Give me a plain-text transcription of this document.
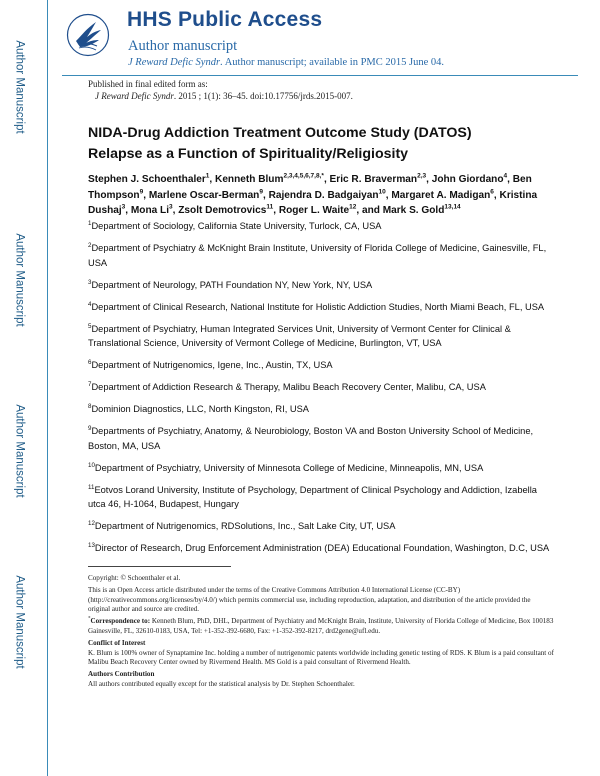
Author Manuscript
Author Manuscript
Author Manuscript
Author Manuscript
HHS Public Access
Author manuscript
J Reward Defic Syndr. Author manuscript; available in PMC 2015 June 04.
Published in final edited form as:
J Reward Defic Syndr. 2015 ; 1(1): 36–45. doi:10.17756/jrds.2015-007.
NIDA-Drug Addiction Treatment Outcome Study (DATOS)
Relapse as a Function of Spirituality/Religiosity
Stephen J. Schoenthaler$^1$, Kenneth Blum$^{2,3,4,5,6,7,8,*}$, Eric R. Braverman$^{2,3}$, John Giordano$^4$, Ben Thompson$^9$, Marlene Oscar-Berman$^9$, Rajendra D. Badgaiyan$^{10}$, Margaret A. Madigan$^6$, Kristina Dushaj$^3$, Mona Li$^3$, Zsolt Demotrovics$^{11}$, Roger L. Waite$^{12}$, and Mark S. Gold$^{13,14}$
$^1$Department of Sociology, California State University, Turlock, CA, USA
$^2$Department of Psychiatry & McKnight Brain Institute, University of Florida College of Medicine, Gainesville, FL, USA
$^3$Department of Neurology, PATH Foundation NY, New York, NY, USA
$^4$Department of Clinical Research, National Institute for Holistic Addiction Studies, North Miami Beach, FL, USA
$^5$Department of Psychiatry, Human Integrated Services Unit, University of Vermont Center for Clinical & Translational Science, University of Vermont College of Medicine, Burlington, VT, USA
$^6$Department of Nutrigenomics, Igene, Inc., Austin, TX, USA
$^7$Department of Addiction Research & Therapy, Malibu Beach Recovery Center, Malibu, CA, USA
$^8$Dominion Diagnostics, LLC, North Kingston, RI, USA
$^9$Departments of Psychiatry, Anatomy, & Neurobiology, Boston VA and Boston University School of Medicine, Boston, MA, USA
$^{10}$Department of Psychiatry, University of Minnesota College of Medicine, Minneapolis, MN, USA
$^{11}$Eotvos Lorand University, Institute of Psychology, Department of Clinical Psychology and Addiction, Izabella utca 46, H-1064, Budapest, Hungary
$^{12}$Department of Nutrigenomics, RDSolutions, Inc., Salt Lake City, UT, USA
$^{13}$Director of Research, Drug Enforcement Administration (DEA) Educational Foundation, Washington, D.C, USA

Copyright: © Schoenthaler et al.

This is an Open Access article distributed under the terms of the Creative Commons Attribution 4.0 International License (CC-BY) (http://creativecommons.org/licenses/by/4.0/) which permits commercial use, including reproduction, adaptation, and distribution of the article provided the original author and source are credited.

*Correspondence to: Kenneth Blum, PhD, DHL, Department of Psychiatry and McKnight Brain, Institute, University of Florida College of Medicine, Box 100183 Gainesville, FL, 32610-0183, USA, Tel: +1-352-392-6680, Fax: +1-352-392-8217, drd2gene@ufl.edu.

Conflict of Interest

K. Blum is 100% owner of Synaptamine Inc. holding a number of nutrigenomic patents worldwide including genetic testing of RDS. K Blum is a paid consultant of Malibu Beach Recovery Center owned by Rivermend Health. MS Gold is a paid consultant of Rivermend Health.

Authors Contribution

All authors contributed equally except for the statistical analysis by Dr. Stephen Schoenthaler.
